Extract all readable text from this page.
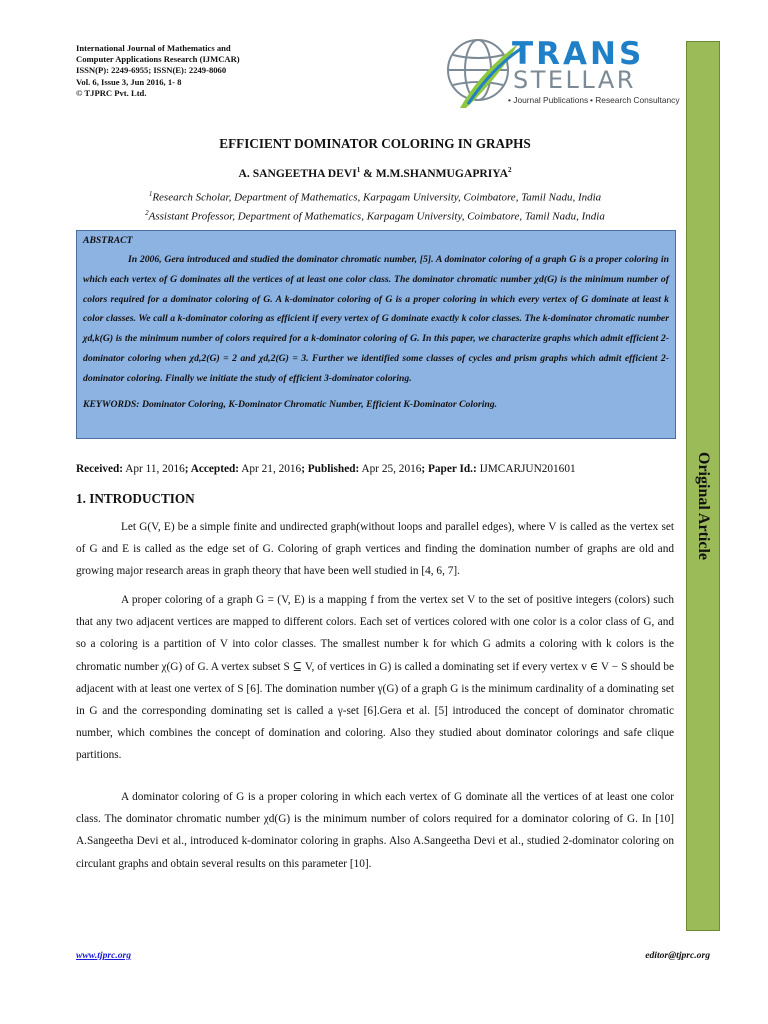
International Journal of Mathematics and
Computer Applications Research (IJMCAR)
ISSN(P): 2249-6955; ISSN(E): 2249-8060
Vol. 6, Issue 3, Jun 2016, 1- 8
© TJPRC Pvt. Ltd.
TRANS
STELLAR
• Journal Publications • Research Consultancy
Original Article
EFFICIENT DOMINATOR COLORING IN GRAPHS
A. SANGEETHA DEVI$^1$ & M.M.SHANMUGAPRIYA$^2$
$^1$Research Scholar, Department of Mathematics, Karpagam University, Coimbatore, Tamil Nadu, India
$^2$Assistant Professor, Department of Mathematics, Karpagam University, Coimbatore, Tamil Nadu, India
ABSTRACT

In 2006, Gera introduced and studied the dominator chromatic number, [5]. A dominator coloring of a graph G is a proper coloring in which each vertex of G dominates all the vertices of at least one color class. The dominator chromatic number χd(G) is the minimum number of colors required for a dominator coloring of G. A k-dominator coloring of G is a proper coloring in which every vertex of G dominate at least k color classes. We call a k-dominator coloring as efficient if every vertex of G dominate exactly k color classes. The k-dominator chromatic number χd,k(G) is the minimum number of colors required for a k-dominator coloring of G. In this paper, we characterize graphs which admit efficient 2-dominator coloring when χd,2(G) = 2 and χd,2(G) = 3. Further we identified some classes of cycles and prism graphs which admit efficient 2-dominator coloring. Finally we initiate the study of efficient 3-dominator coloring.

KEYWORDS: Dominator Coloring, K-Dominator Chromatic Number, Efficient K-Dominator Coloring.
Received: Apr 11, 2016; Accepted: Apr 21, 2016; Published: Apr 25, 2016; Paper Id.: IJMCARJUN201601
1. INTRODUCTION

Let G(V, E) be a simple finite and undirected graph(without loops and parallel edges), where V is called as the vertex set of G and E is called as the edge set of G. Coloring of graph vertices and finding the domination number of graphs are old and growing major research areas in graph theory that have been well studied in [4, 6, 7].

A proper coloring of a graph G = (V, E) is a mapping f from the vertex set V to the set of positive integers (colors) such that any two adjacent vertices are mapped to different colors. Each set of vertices colored with one color is a color class of G, and so a coloring is a partition of V into color classes. The smallest number k for which G admits a coloring with k colors is the chromatic number χ(G) of G. A vertex subset S ⊆ V, of vertices in G) is called a dominating set if every vertex v ∈ V − S should be adjacent with at least one vertex of S [6]. The domination number γ(G) of a graph G is the minimum cardinality of a dominating set in G and the corresponding dominating set is called a γ-set [6].Gera et al. [5] introduced the concept of dominator chromatic number, which combines the concept of domination and coloring. Also they studied about dominator colorings and safe clique partitions.

A dominator coloring of G is a proper coloring in which each vertex of G dominate all the vertices of at least one color class. The dominator chromatic number χd(G) is the minimum number of colors required for a dominator coloring of G. In [10] A.Sangeetha Devi et al., introduced k-dominator coloring in graphs. Also A.Sangeetha Devi et al., studied 2-dominator coloring on circulant graphs and obtain several results on this parameter [10].

www.tjprc.org	editor@tjprc.org
